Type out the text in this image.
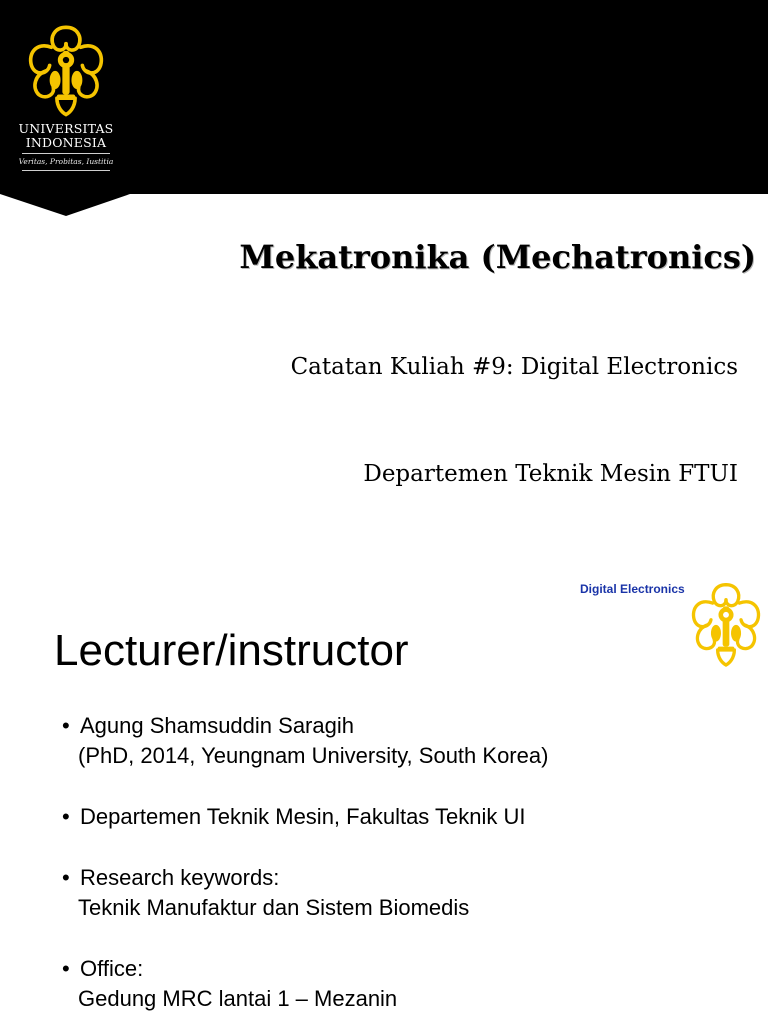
UNIVERSITAS
INDONESIA
Veritas, Probitas, Iustitia
Mekatronika (Mechatronics)

Catatan Kuliah #9: Digital Electronics

Departemen Teknik Mesin FTUI

Digital Electronics
Lecturer/instructor
• Agung Shamsuddin Saragih
(PhD, 2014, Yeungnam University, South Korea)
• Departemen Teknik Mesin, Fakultas Teknik UI
• Research keywords:
Teknik Manufaktur dan Sistem Biomedis
• Office:
Gedung MRC lantai 1 – Mezanin
